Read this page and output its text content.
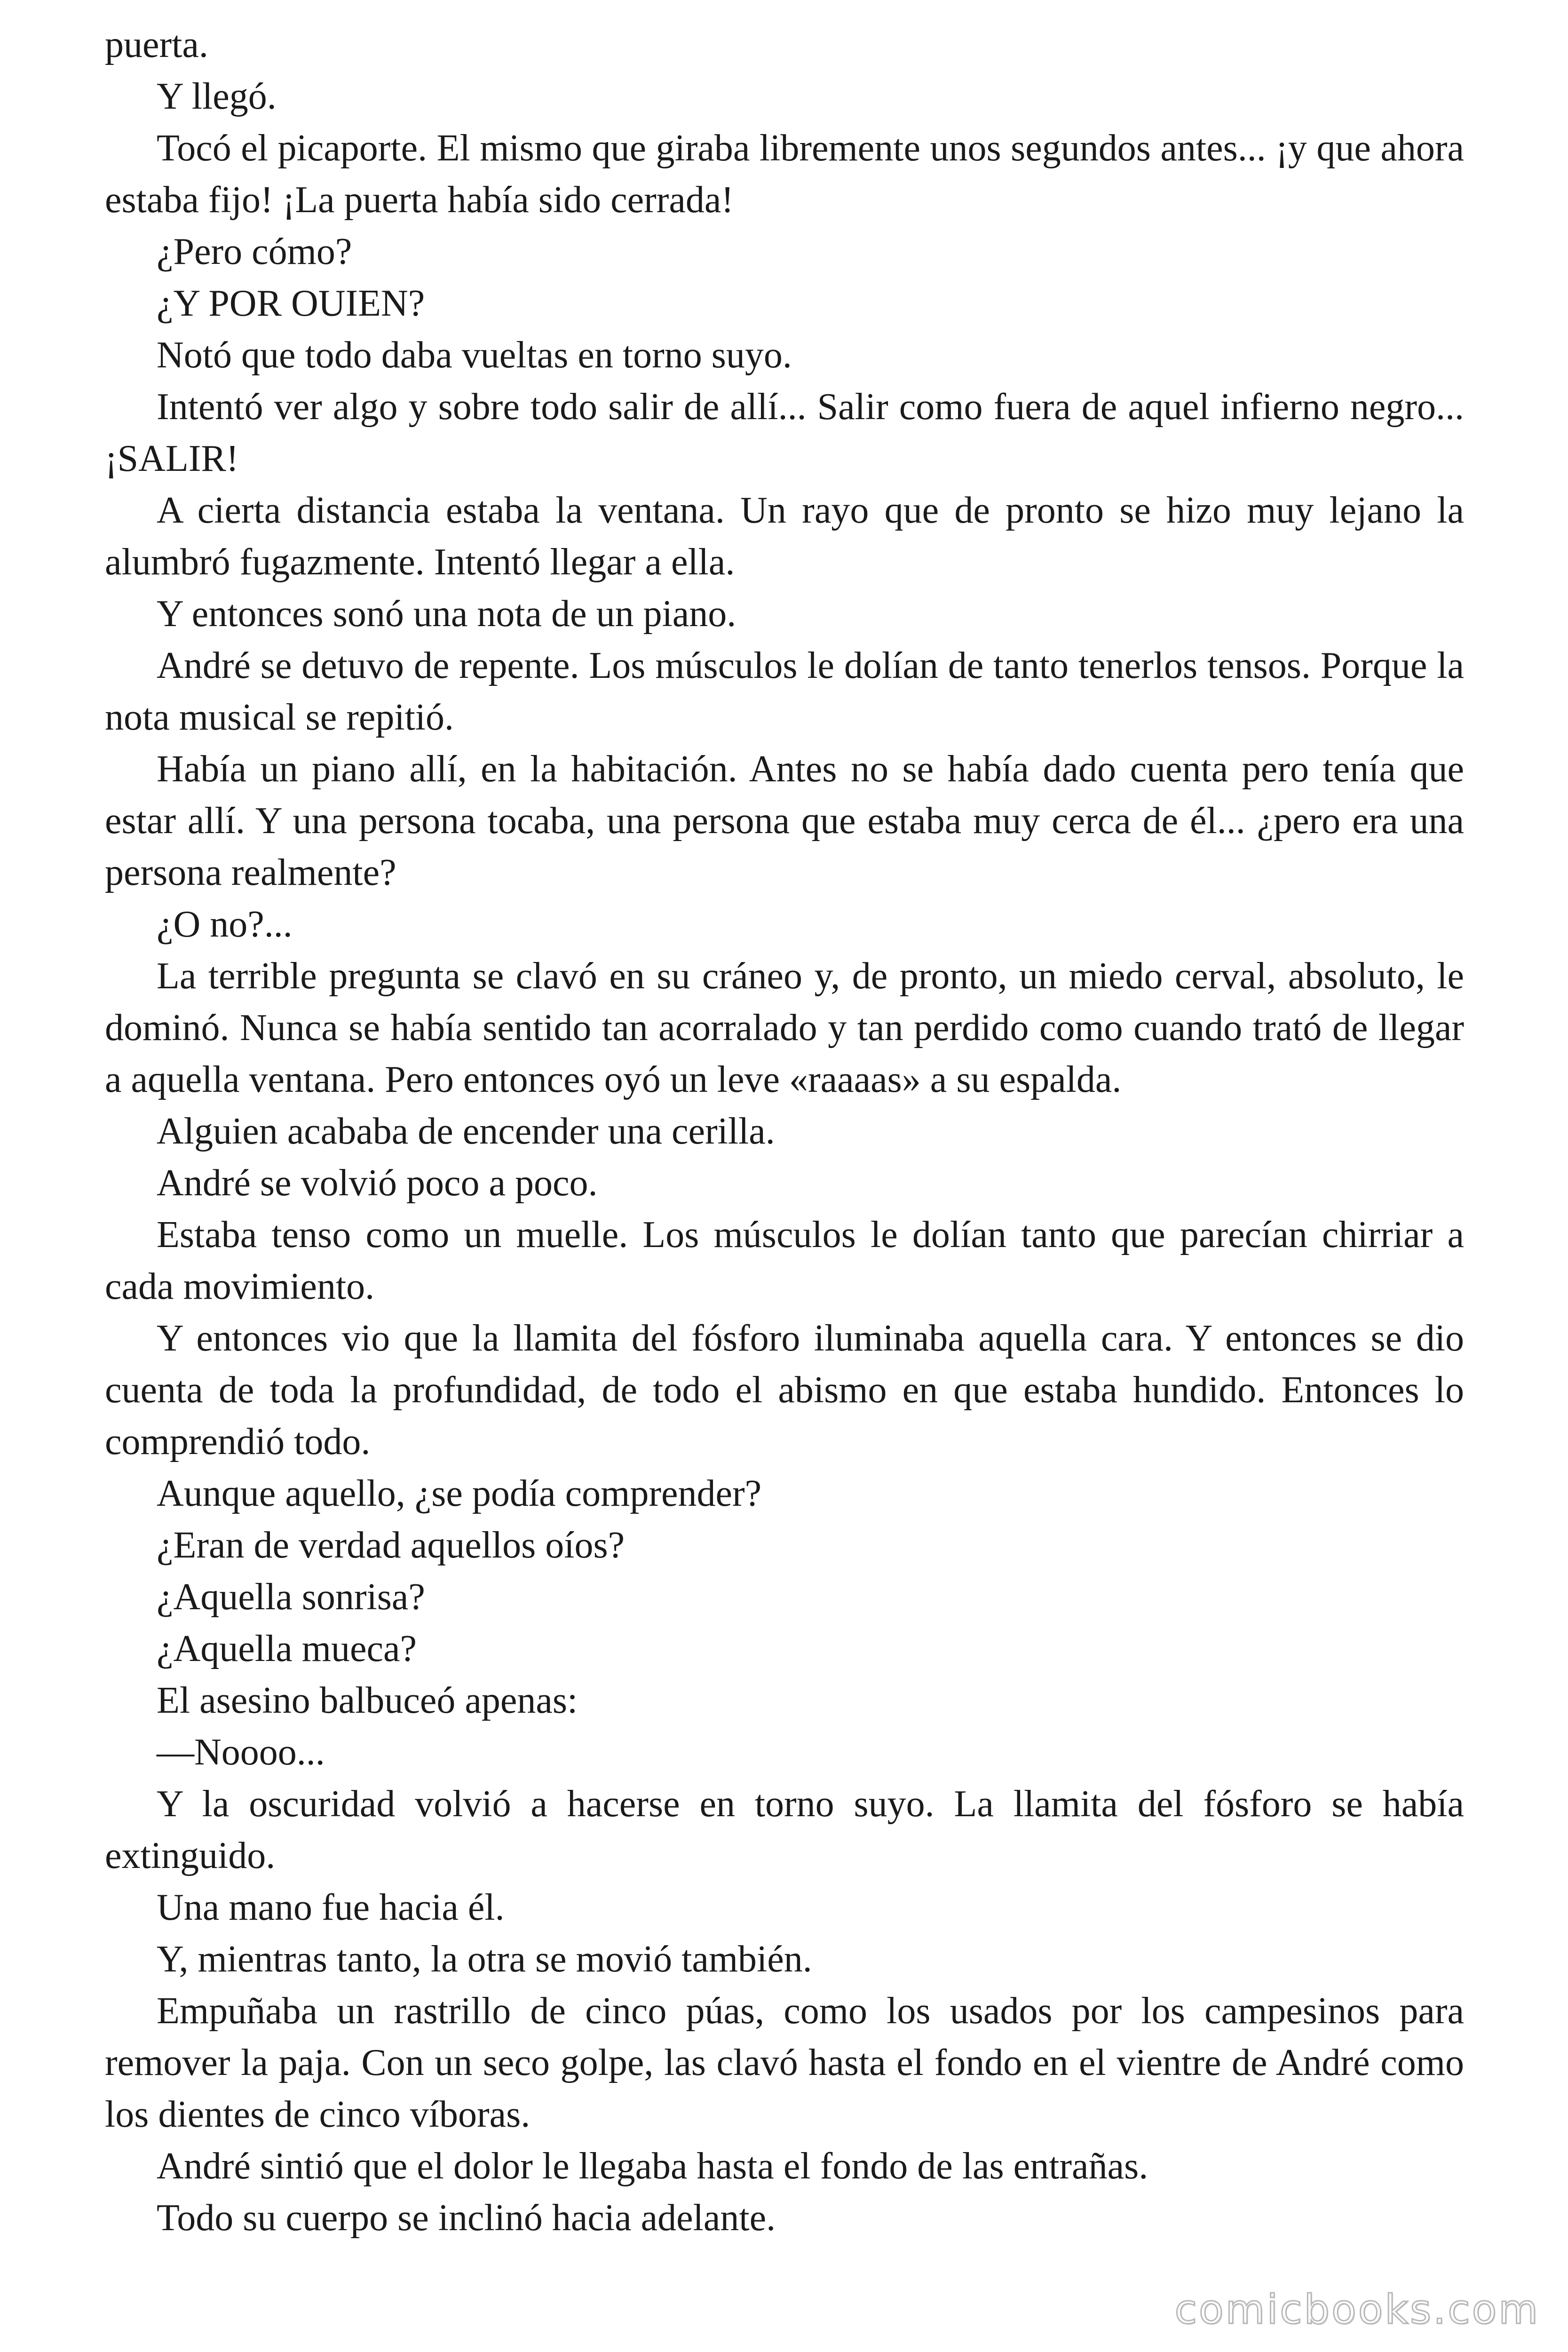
puerta.

Y llegó.

Tocó el picaporte. El mismo que giraba libremente unos segundos antes... ¡y que ahora estaba fijo! ¡La puerta había sido cerrada!

¿Pero cómo?

¿Y POR OUIEN?

Notó que todo daba vueltas en torno suyo.

Intentó ver algo y sobre todo salir de allí... Salir como fuera de aquel infierno negro... ¡SALIR!

A cierta distancia estaba la ventana. Un rayo que de pronto se hizo muy lejano la alumbró fugazmente. Intentó llegar a ella.

Y entonces sonó una nota de un piano.

André se detuvo de repente. Los músculos le dolían de tanto tenerlos tensos. Porque la nota musical se repitió.

Había un piano allí, en la habitación. Antes no se había dado cuenta pero tenía que estar allí. Y una persona tocaba, una persona que estaba muy cerca de él... ¿pero era una persona realmente?

¿O no?...

La terrible pregunta se clavó en su cráneo y, de pronto, un miedo cerval, absoluto, le dominó. Nunca se había sentido tan acorralado y tan perdido como cuando trató de llegar a aquella ventana. Pero entonces oyó un leve «raaaas» a su espalda.

Alguien acababa de encender una cerilla.

André se volvió poco a poco.

Estaba tenso como un muelle. Los músculos le dolían tanto que parecían chirriar a cada movimiento.

Y entonces vio que la llamita del fósforo iluminaba aquella cara. Y entonces se dio cuenta de toda la profundidad, de todo el abismo en que estaba hundido. Entonces lo comprendió todo.

Aunque aquello, ¿se podía comprender?

¿Eran de verdad aquellos oíos?

¿Aquella sonrisa?

¿Aquella mueca?

El asesino balbuceó apenas:

—Noooo...

Y la oscuridad volvió a hacerse en torno suyo. La llamita del fósforo se había extinguido.

Una mano fue hacia él.

Y, mientras tanto, la otra se movió también.

Empuñaba un rastrillo de cinco púas, como los usados por los campesinos para remover la paja. Con un seco golpe, las clavó hasta el fondo en el vientre de André como los dientes de cinco víboras.

André sintió que el dolor le llegaba hasta el fondo de las entrañas.

Todo su cuerpo se inclinó hacia adelante.

comicbooks.com
